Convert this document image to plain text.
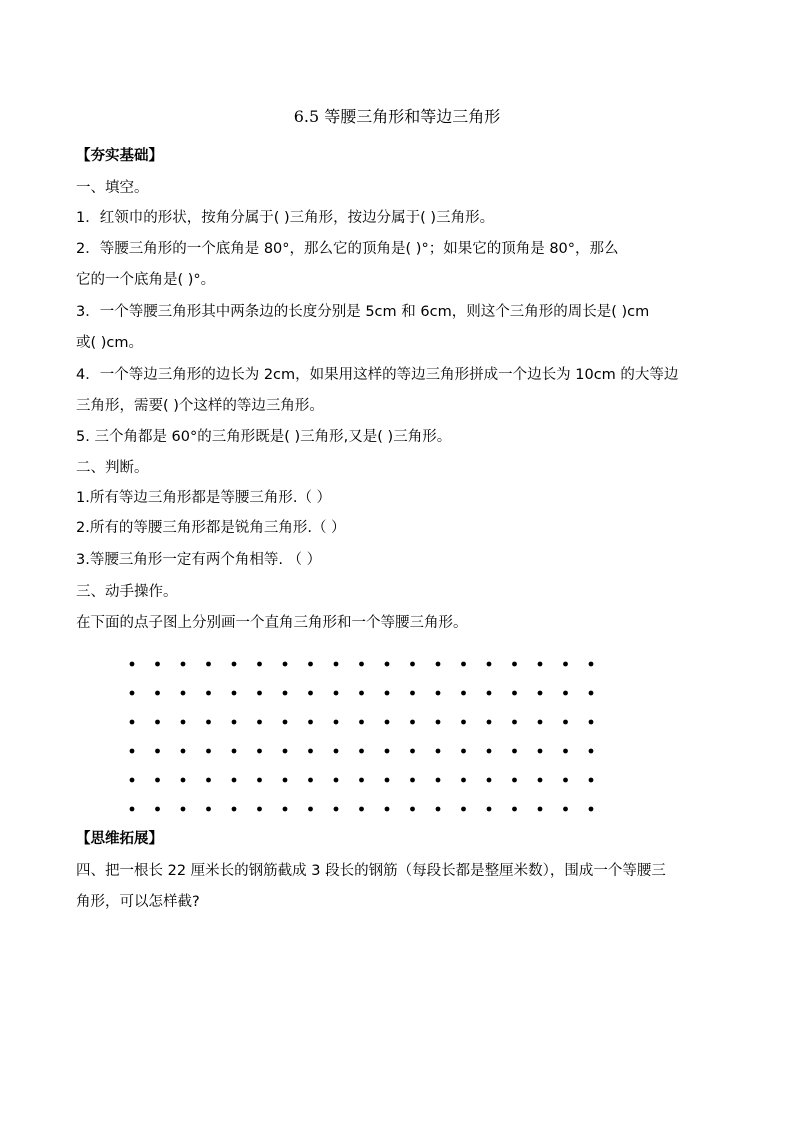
6.5 等腰三角形和等边三角形
【夯实基础】
一、填空。
1．红领巾的形状，按角分属于( )三角形，按边分属于( )三角形。
2．等腰三角形的一个底角是 80°，那么它的顶角是( )°；如果它的顶角是 80°，那么
它的一个底角是( )°。
3．一个等腰三角形其中两条边的长度分别是 5cm 和 6cm，则这个三角形的周长是( )cm
或( )cm。
4．一个等边三角形的边长为 2cm，如果用这样的等边三角形拼成一个边长为 10cm 的大等边
三角形，需要( )个这样的等边三角形。
5. 三个角都是 60°的三角形既是( )三角形,又是( )三角形。
二、判断。
1.所有等边三角形都是等腰三角形.（ ）
2.所有的等腰三角形都是锐角三角形.（ ）
3.等腰三角形一定有两个角相等. （ ）
三、动手操作。
在下面的点子图上分别画一个直角三角形和一个等腰三角形。
【思维拓展】
四、把一根长 22 厘米长的钢筋截成 3 段长的钢筋（每段长都是整厘米数），围成一个等腰三
角形，可以怎样截?
